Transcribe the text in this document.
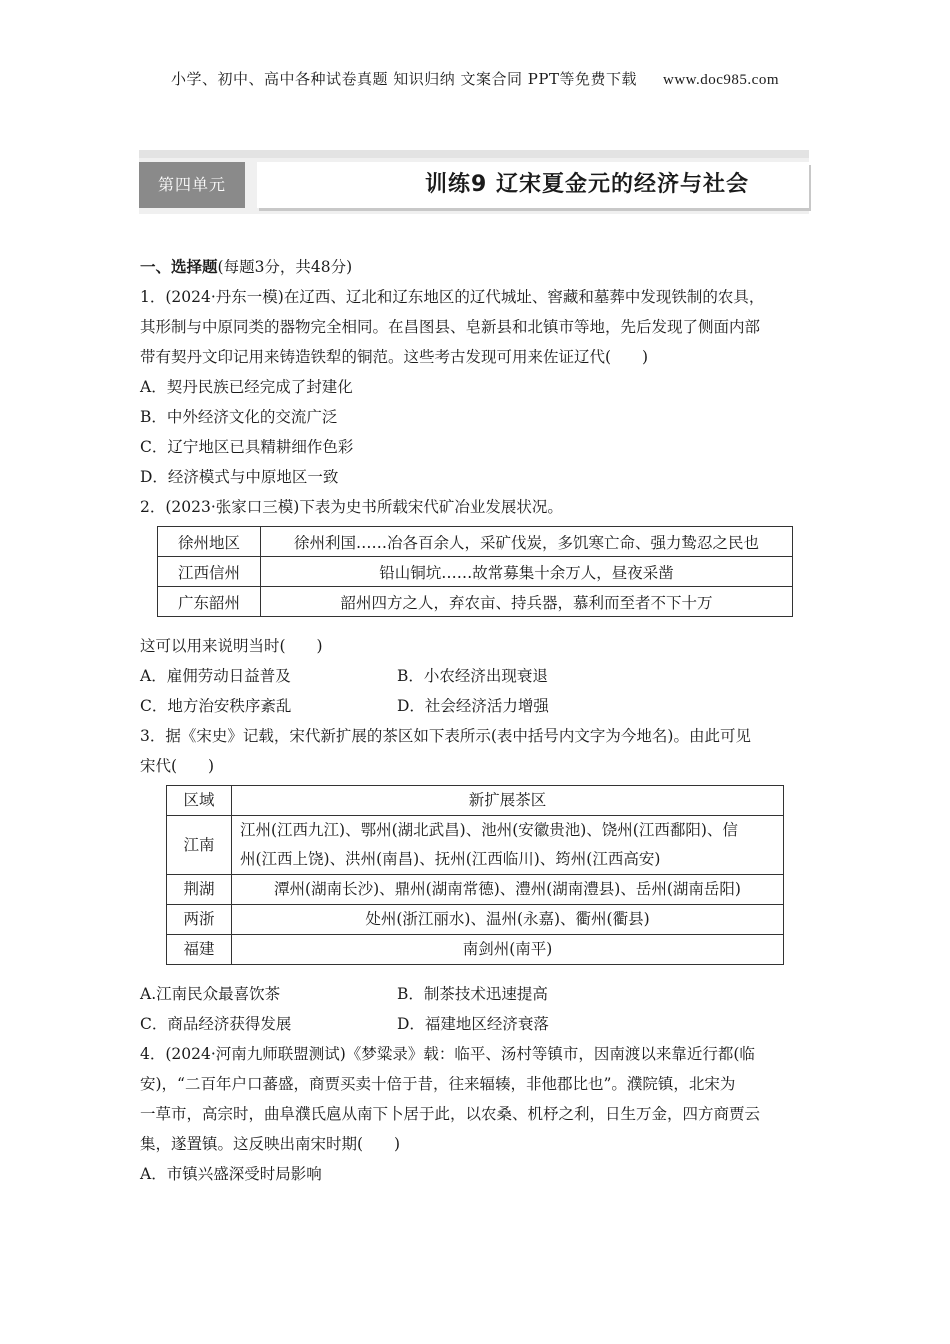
小学、初中、高中各种试卷真题 知识归纳 文案合同 PPT等免费下载 www.doc985.com
第四单元	训练9 辽宋夏金元的经济与社会
一、选择题(每题3分，共48分)
1．(2024·丹东一模)在辽西、辽北和辽东地区的辽代城址、窖藏和墓葬中发现铁制的农具，
其形制与中原同类的器物完全相同。在昌图县、皂新县和北镇市等地，先后发现了侧面内部
带有契丹文印记用来铸造铁犁的铜范。这些考古发现可用来佐证辽代(　　)
A．契丹民族已经完成了封建化
B．中外经济文化的交流广泛
C．辽宁地区已具精耕细作色彩
D．经济模式与中原地区一致
2．(2023·张家口三模)下表为史书所载宋代矿冶业发展状况。
徐州地区	徐州利国……冶各百余人，采矿伐炭，多饥寒亡命、强力鸷忍之民也
江西信州	铅山铜坑……故常募集十余万人，昼夜采凿
广东韶州	韶州四方之人，弃农亩、持兵器，慕利而至者不下十万
这可以用来说明当时(　　)
A．雇佣劳动日益普及	B．小农经济出现衰退
C．地方治安秩序紊乱	D．社会经济活力增强
3．据《宋史》记载，宋代新扩展的茶区如下表所示(表中括号内文字为今地名)。由此可见
宋代(　　)
区域	新扩展茶区
江南	江州(江西九江)、鄂州(湖北武昌)、池州(安徽贵池)、饶州(江西鄱阳)、信
州(江西上饶)、洪州(南昌)、抚州(江西临川)、筠州(江西高安)

荆湖	潭州(湖南长沙)、鼎州(湖南常德)、澧州(湖南澧县)、岳州(湖南岳阳)
两浙	处州(浙江丽水)、温州(永嘉)、衢州(衢县)
福建	南剑州(南平)
A.江南民众最喜饮茶	B．制茶技术迅速提高
C．商品经济获得发展	D．福建地区经济衰落
4．(2024·河南九师联盟测试)《梦粱录》载：临平、汤村等镇市，因南渡以来靠近行都(临
安)，“二百年户口蕃盛，商贾买卖十倍于昔，往来辐辏，非他郡比也”。濮院镇，北宋为
一草市，高宗时，曲阜濮氏扈从南下卜居于此，以农桑、机杼之利，日生万金，四方商贾云
集，遂置镇。这反映出南宋时期(　　)
A．市镇兴盛深受时局影响
